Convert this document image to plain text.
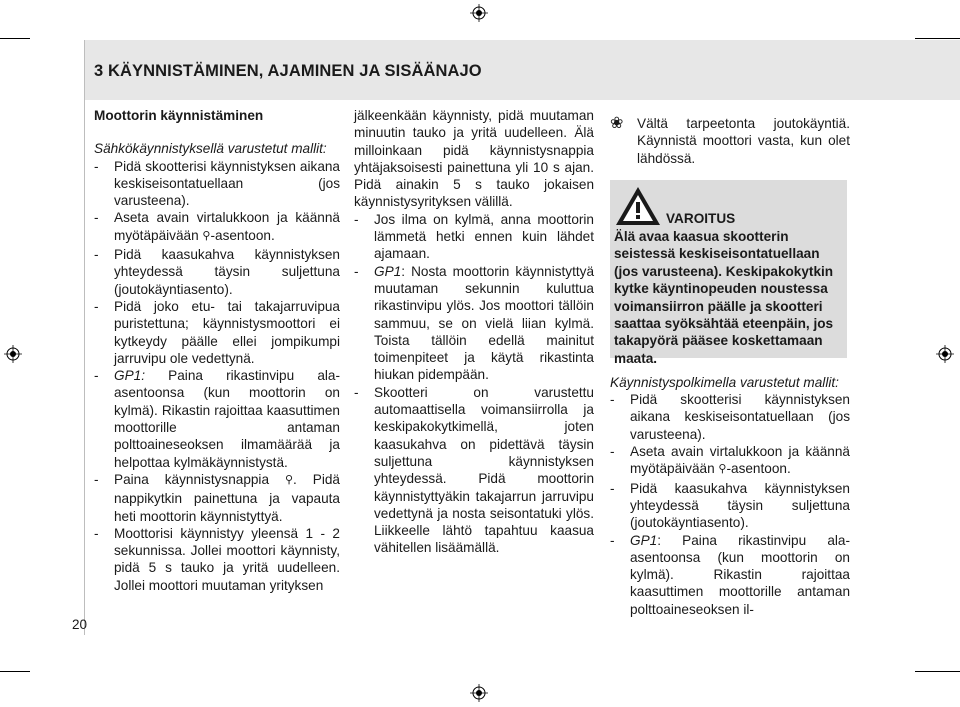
3 KÄYNNISTÄMINEN, AJAMINEN JA SISÄÄNAJO

Moottorin käynnistäminen

Sähkökäynnistyksellä varustetut mallit:

-	Pidä skootterisi käynnistyksen aikana keskiseisontatuellaan (jos varusteena).
-	Aseta avain virtalukkoon ja käännä myötäpäivään ⚲-asentoon.
-	Pidä kaasukahva käynnistyksen yhteydessä täysin suljettuna (joutokäyntiasento).
-	Pidä joko etu- tai takajarruvipua puristettuna; käynnistysmoottori ei kytkeydy päälle ellei jompikumpi jarruvipu ole vedettynä.
-	GP1: Paina rikastinvipu ala-asentoonsa (kun moottorin on kylmä). Rikastin rajoittaa kaasuttimen moottorille antaman polttoaineseoksen ilmamäärää ja helpottaa kylmäkäynnistystä.
-	Paina käynnistysnappia ⚲. Pidä nappikytkin painettuna ja vapauta heti moottorin käynnistyttyä.
-	Moottorisi käynnistyy yleensä 1 - 2 sekunnissa. Jollei moottori käynnisty, pidä 5 s tauko ja yritä uudelleen. Jollei moottori muutaman yrityksen

jälkeenkään käynnisty, pidä muutaman minuutin tauko ja yritä uudelleen. Älä milloinkaan pidä käynnistysnappia yhtäjaksoisesti painettuna yli 10 s ajan. Pidä ainakin 5 s tauko jokaisen käynnistysyrityksen välillä.

-	Jos ilma on kylmä, anna moottorin lämmetä hetki ennen kuin lähdet ajamaan.
-	GP1: Nosta moottorin käynnistyttyä muutaman sekunnin kuluttua rikastinvipu ylös. Jos moottori tällöin sammuu, se on vielä liian kylmä. Toista tällöin edellä mainitut toimenpiteet ja käytä rikastinta hiukan pidempään.
-	Skootteri on varustettu automaattisella voimansiirrolla ja keskipakokytkimellä, joten kaasukahva on pidettävä täysin suljettuna käynnistyksen yhteydessä. Pidä moottorin käynnistyttyäkin takajarrun jarruvipu vedettynä ja nosta seisontatuki ylös. Liikkeelle lähtö tapahtuu kaasua vähitellen lisäämällä.
❀ Vältä tarpeetonta joutokäyntiä. Käynnistä moottori vasta, kun olet lähdössä.
VAROITUS
Älä avaa kaasua skootterin seistessä keskiseisontatuellaan (jos varusteena). Keskipakokytkin kytke käyntinopeuden noustessa voimansiirron päälle ja skootteri saattaa syöksähtää eteenpäin, jos takapyörä pääsee koskettamaan maata.

Käynnistyspolkimella varustetut mallit:

-	Pidä skootterisi käynnistyksen aikana keskiseisontatuellaan (jos varusteena).
-	Aseta avain virtalukkoon ja käännä myötäpäivään ⚲-asentoon.
-	Pidä kaasukahva käynnistyksen yhteydessä täysin suljettuna (joutokäyntiasento).
-	GP1: Paina rikastinvipu ala-asentoonsa (kun moottorin on kylmä). Rikastin rajoittaa kaasuttimen moottorille antaman polttoaineseoksen il-
20
